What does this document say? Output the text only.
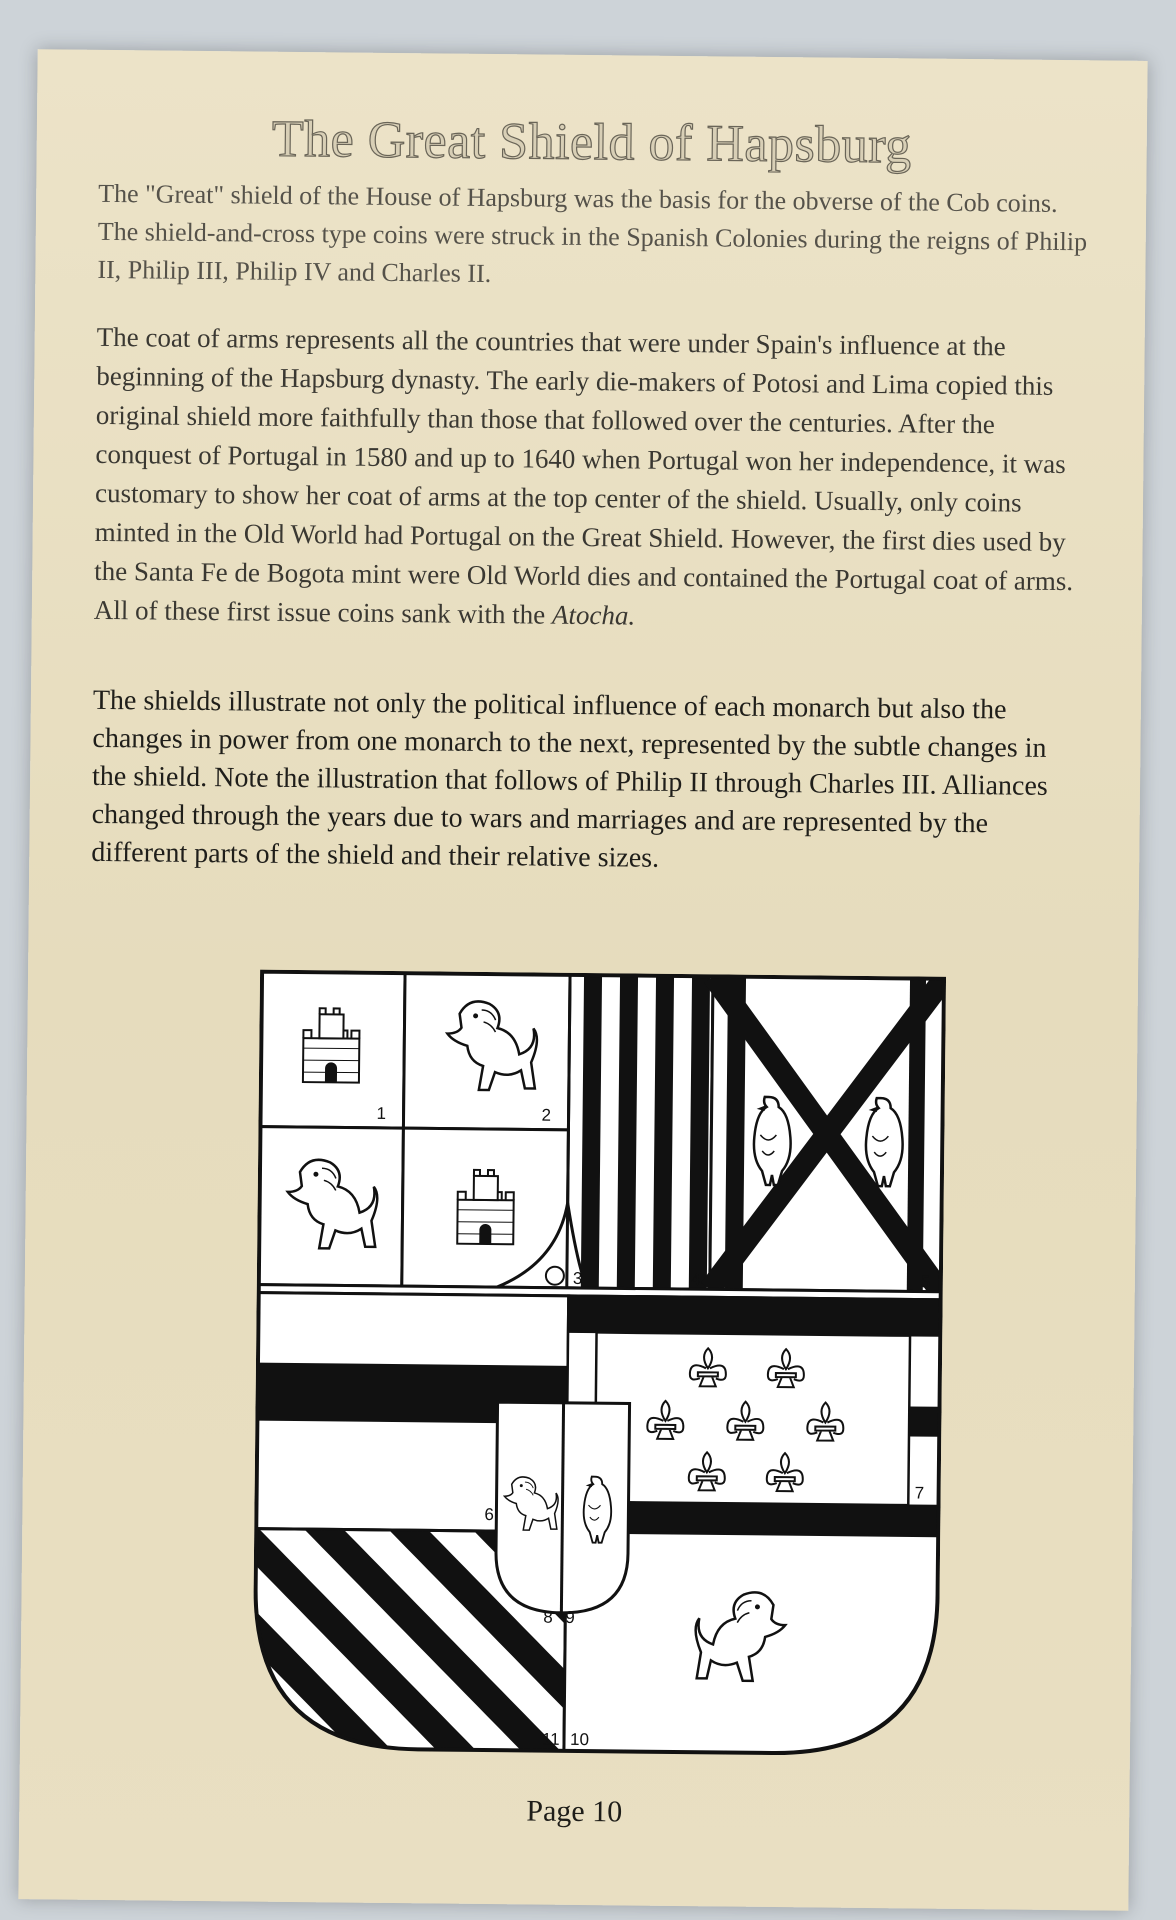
The Great Shield of Hapsburg

The "Great" shield of the House of Hapsburg was the basis for the obverse of the Cob coins. The shield-and-cross type coins were struck in the Spanish Colonies during the reigns of Philip II, Philip III, Philip IV and Charles II.

The coat of arms represents all the countries that were under Spain's influence at the beginning of the Hapsburg dynasty. The early die-makers of Potosi and Lima copied this original shield more faithfully than those that followed over the centuries. After the conquest of Portugal in 1580 and up to 1640 when Portugal won her independence, it was customary to show her coat of arms at the top center of the shield. Usually, only coins minted in the Old World had Portugal on the Great Shield. However, the first dies used by the Santa Fe de Bogota mint were Old World dies and contained the Portugal coat of arms. All of these first issue coins sank with the Atocha.

The shields illustrate not only the political influence of each monarch but also the changes in power from one monarch to the next, represented by the subtle changes in the shield. Note the illustration that follows of Philip II through Charles III. Alliances changed through the years due to wars and marriages and are represented by the different parts of the shield and their relative sizes.

1	2
3	4	5
6
7
8 9
10
11
Page 10
